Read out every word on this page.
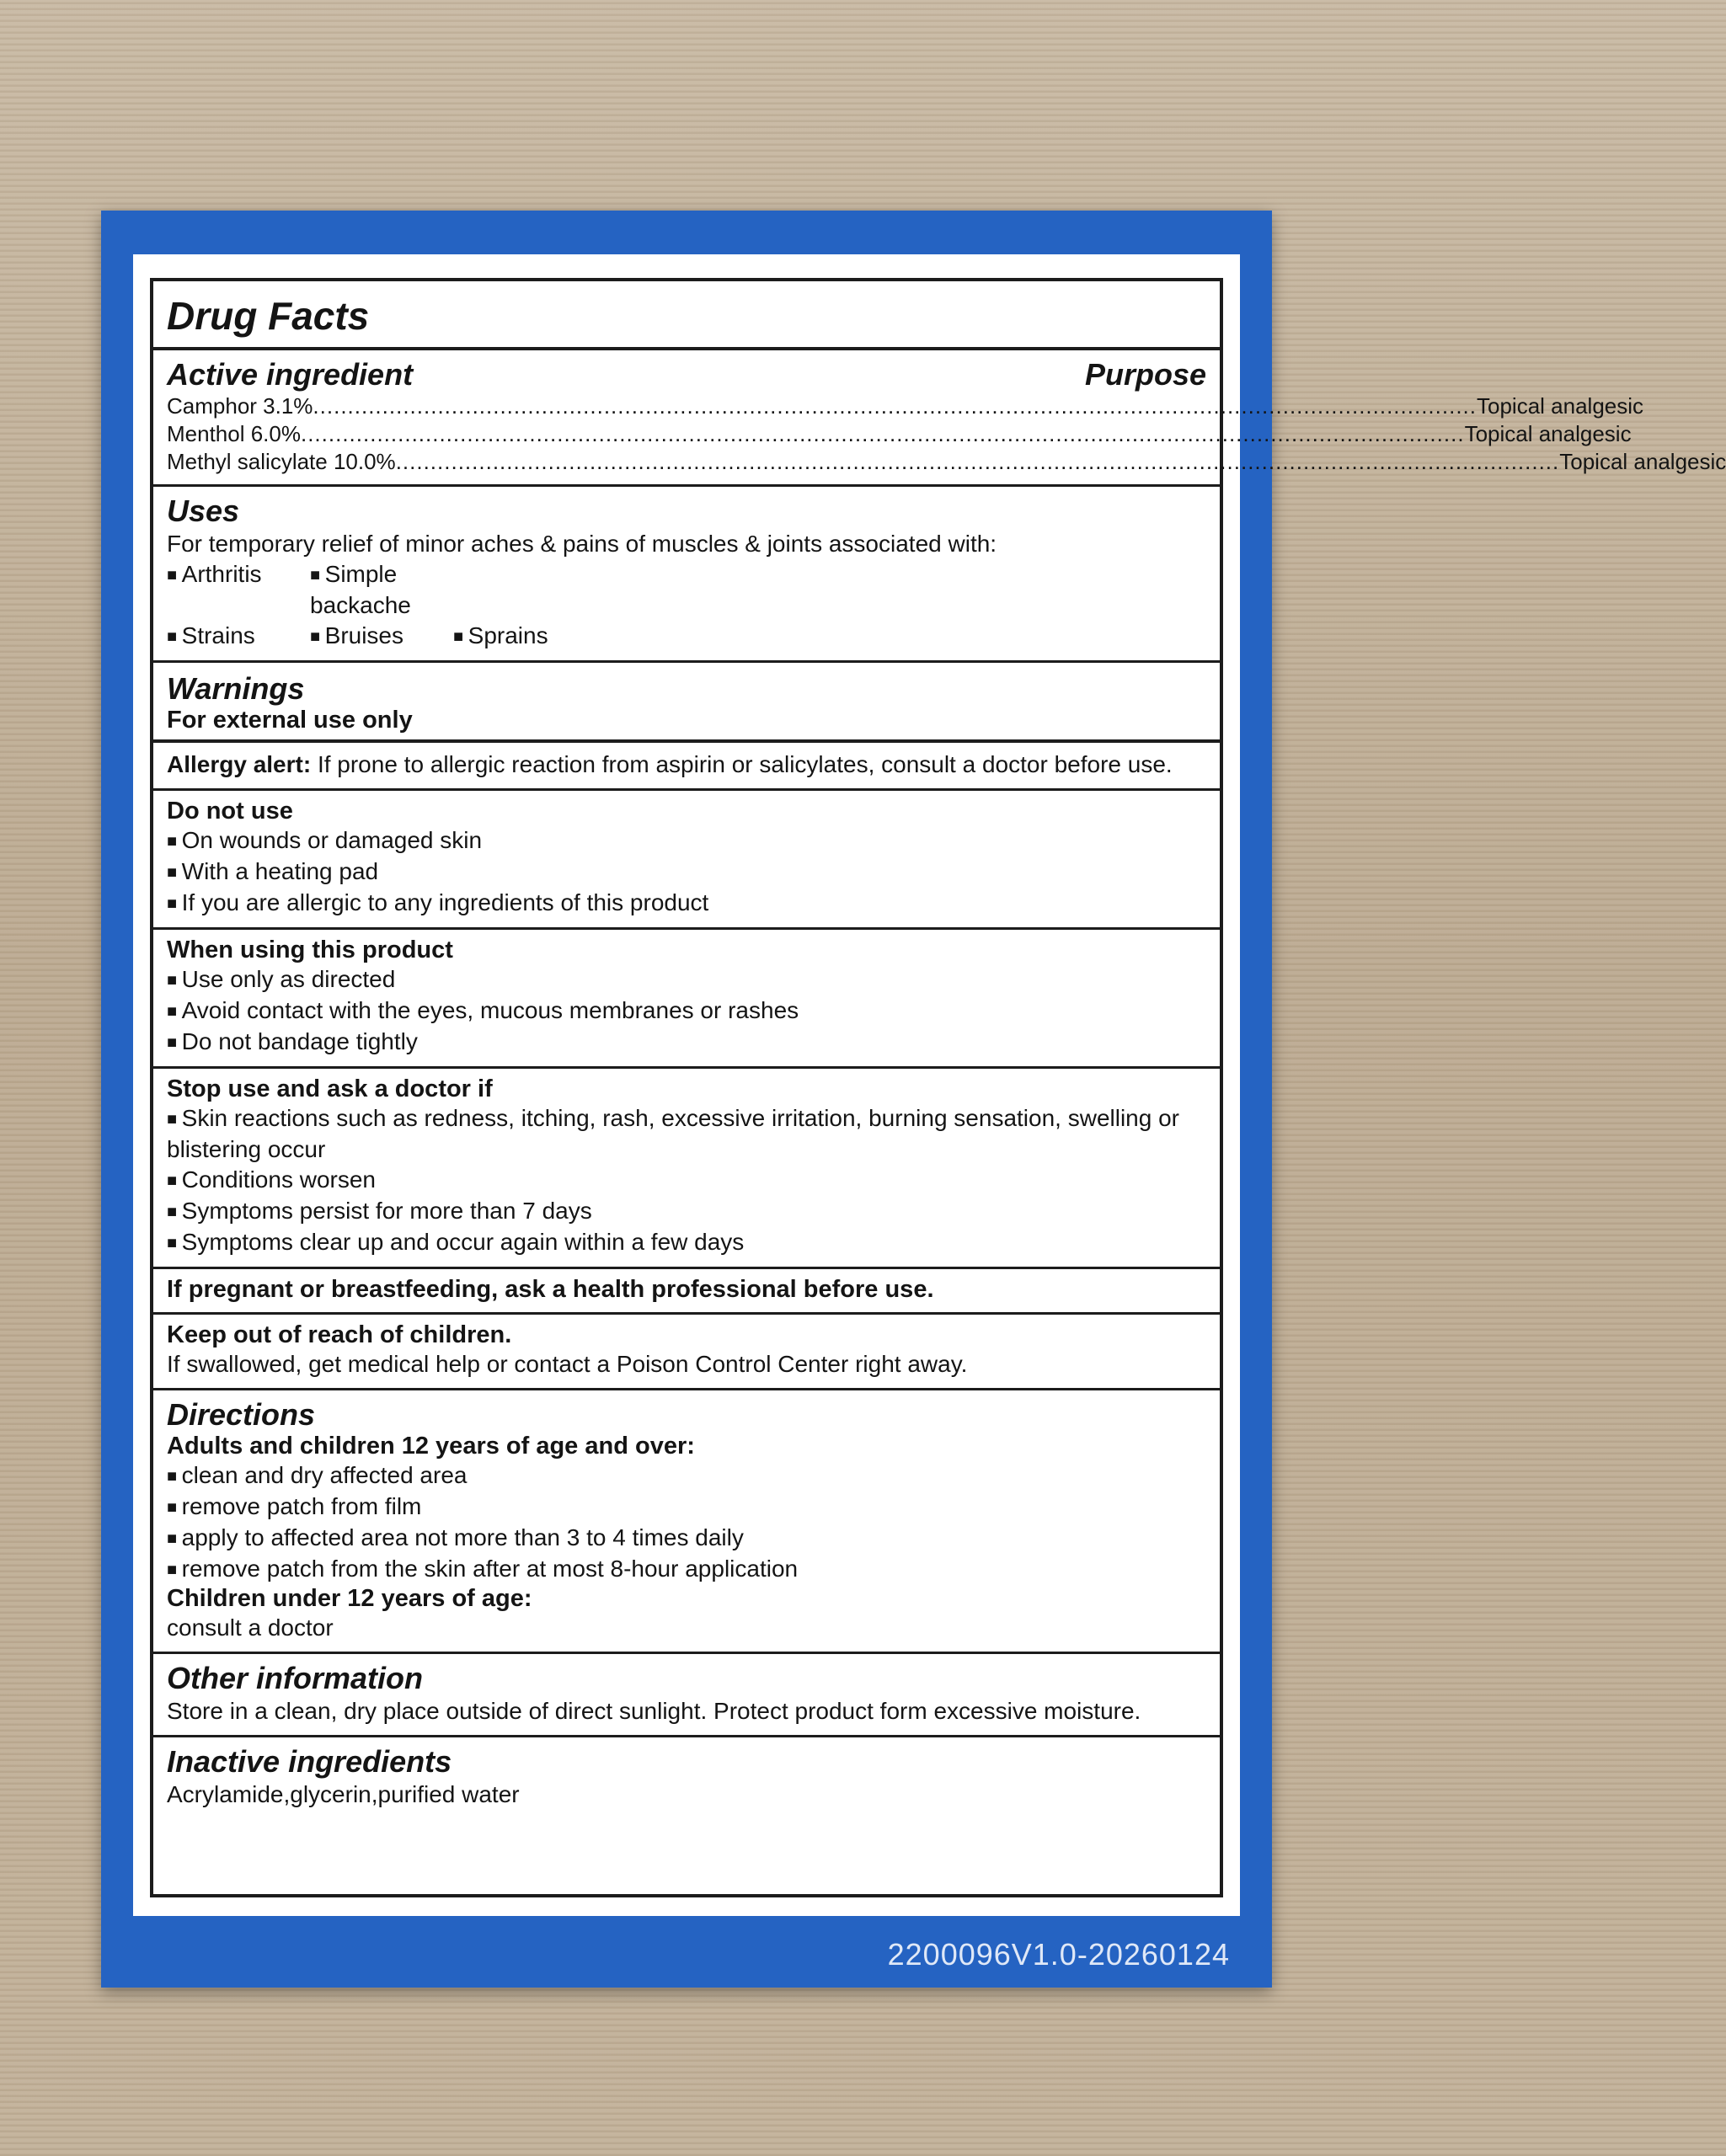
Drug Facts
Active ingredient	Purpose
Camphor 3.1% ........................................................................................................................................................................ Topical analgesic
Menthol 6.0% ........................................................................................................................................................................ Topical analgesic
Methyl salicylate 10.0% ........................................................................................................................................................................ Topical analgesic
Uses
For temporary relief of minor aches & pains of muscles & joints associated with:
■ Arthritis	■ Simple backache
■ Strains	■ Bruises	■ Sprains
Warnings
For external use only
Allergy alert: If prone to allergic reaction from aspirin or salicylates, consult a doctor before use.
Do not use
■ On wounds or damaged skin
■ With a heating pad
■ If you are allergic to any ingredients of this product
When using this product
■ Use only as directed
■ Avoid contact with the eyes, mucous membranes or rashes
■ Do not bandage tightly
Stop use and ask a doctor if
■ Skin reactions such as redness, itching, rash, excessive irritation, burning sensation, swelling or blistering occur
■ Conditions worsen
■ Symptoms persist for more than 7 days
■ Symptoms clear up and occur again within a few days
If pregnant or breastfeeding, ask a health professional before use.
Keep out of reach of children.
If swallowed, get medical help or contact a Poison Control Center right away.
Directions
Adults and children 12 years of age and over:
■ clean and dry affected area
■ remove patch from film
■ apply to affected area not more than 3 to 4 times daily
■ remove patch from the skin after at most 8-hour application
Children under 12 years of age:
consult a doctor
Other information
Store in a clean, dry place outside of direct sunlight. Protect product form excessive moisture.
Inactive ingredients
Acrylamide,glycerin,purified water
2200096V1.0-20260124
